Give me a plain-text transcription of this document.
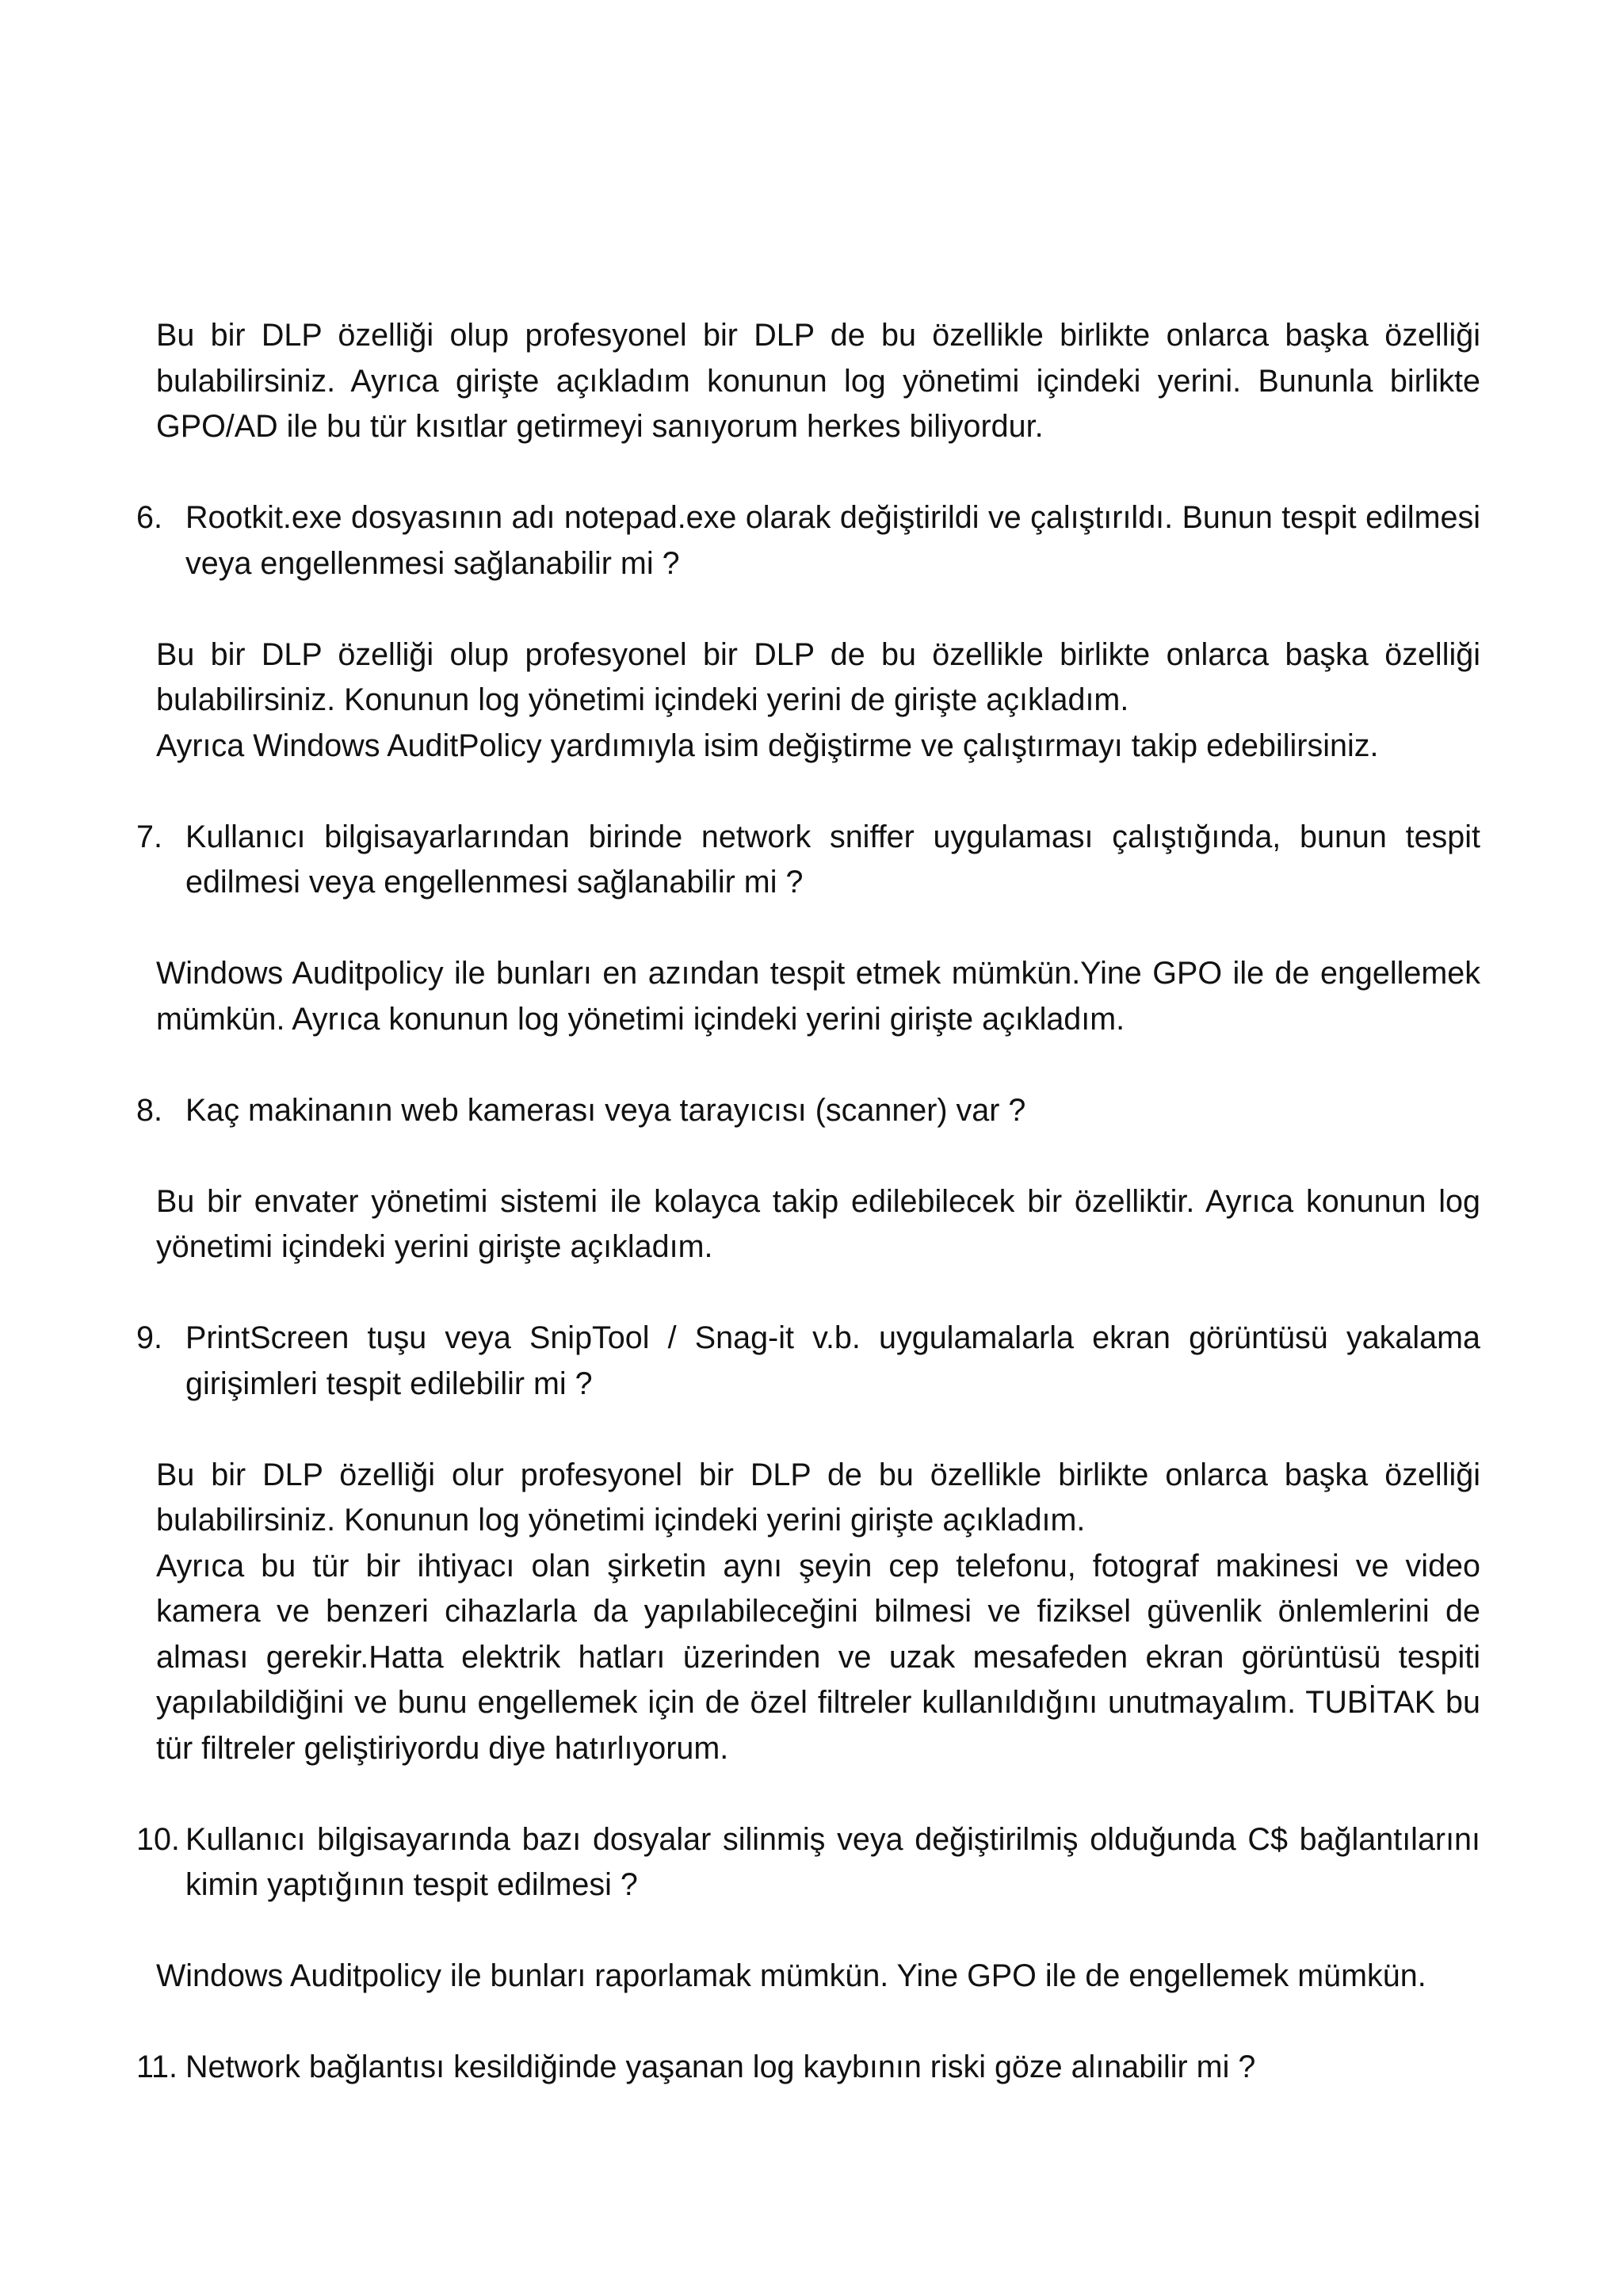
Bu bir DLP özelliği olup profesyonel bir DLP de bu özellikle birlikte onlarca başka özelliği bulabilirsiniz. Ayrıca girişte açıkladım konunun log yönetimi içindeki yerini. Bununla birlikte GPO/AD ile bu tür kısıtlar getirmeyi sanıyorum herkes biliyordur.

6. Rootkit.exe dosyasının adı notepad.exe olarak değiştirildi ve çalıştırıldı. Bunun tespit edilmesi veya engellenmesi sağlanabilir mi ?

Bu bir DLP özelliği olup profesyonel bir DLP de bu özellikle birlikte onlarca başka özelliği bulabilirsiniz. Konunun log yönetimi içindeki yerini de girişte açıkladım.
Ayrıca Windows AuditPolicy yardımıyla isim değiştirme ve çalıştırmayı takip edebilirsiniz.

7. Kullanıcı bilgisayarlarından birinde network sniffer uygulaması çalıştığında, bunun tespit edilmesi veya engellenmesi sağlanabilir mi ?

Windows Auditpolicy ile bunları en azından tespit etmek mümkün.Yine GPO ile de engellemek mümkün. Ayrıca konunun log yönetimi içindeki yerini girişte açıkladım.

8. Kaç makinanın web kamerası veya tarayıcısı (scanner) var ?

Bu bir envater yönetimi sistemi ile kolayca takip edilebilecek bir özelliktir. Ayrıca konunun log yönetimi içindeki yerini girişte açıkladım.

9. PrintScreen tuşu veya SnipTool / Snag-it v.b. uygulamalarla ekran görüntüsü yakalama girişimleri tespit edilebilir mi ?

Bu bir DLP özelliği olur profesyonel bir DLP de bu özellikle birlikte onlarca başka özelliği bulabilirsiniz. Konunun log yönetimi içindeki yerini girişte açıkladım.
Ayrıca bu tür bir ihtiyacı olan şirketin aynı şeyin cep telefonu, fotograf makinesi ve video kamera ve benzeri cihazlarla da yapılabileceğini bilmesi ve fiziksel güvenlik önlemlerini de alması gerekir.Hatta elektrik hatları üzerinden ve uzak mesafeden ekran görüntüsü tespiti yapılabildiğini ve bunu engellemek için de özel filtreler kullanıldığını unutmayalım. TUBİTAK bu tür filtreler geliştiriyordu diye hatırlıyorum.

10. Kullanıcı bilgisayarında bazı dosyalar silinmiş veya değiştirilmiş olduğunda C$ bağlantılarını kimin yaptığının tespit edilmesi ?

Windows Auditpolicy ile bunları raporlamak mümkün. Yine GPO ile de engellemek mümkün.

11. Network bağlantısı kesildiğinde yaşanan log kaybının riski göze alınabilir mi ?
